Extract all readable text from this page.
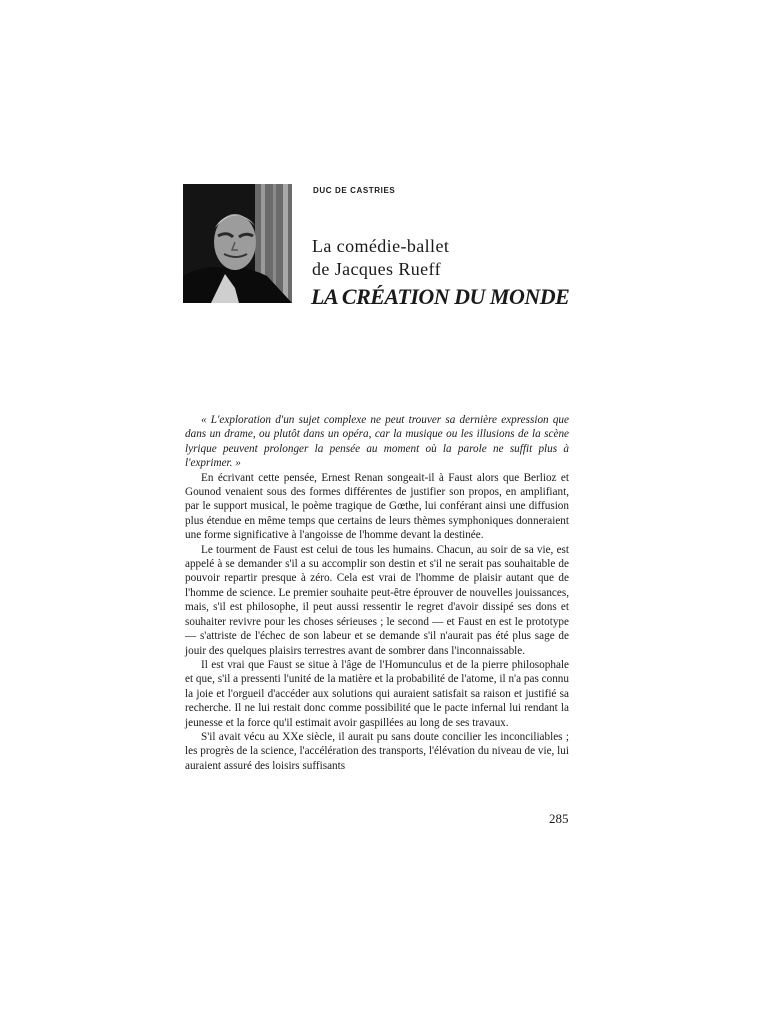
DUC DE CASTRIES
La comédie-ballet
de Jacques Rueff
LA CRÉATION DU MONDE

« L'exploration d'un sujet complexe ne peut trouver sa dernière expression que dans un drame, ou plutôt dans un opéra, car la musique ou les illusions de la scène lyrique peuvent prolonger la pensée au moment où la parole ne suffit plus à l'exprimer. »

En écrivant cette pensée, Ernest Renan songeait-il à Faust alors que Berlioz et Gounod venaient sous des formes différentes de justifier son propos, en amplifiant, par le support musical, le poème tragique de Gœthe, lui conférant ainsi une diffusion plus étendue en même temps que certains de leurs thèmes symphoniques donneraient une forme significative à l'angoisse de l'homme devant la destinée.

Le tourment de Faust est celui de tous les humains. Chacun, au soir de sa vie, est appelé à se demander s'il a su accomplir son destin et s'il ne serait pas souhaitable de pouvoir repartir presque à zéro. Cela est vrai de l'homme de plaisir autant que de l'homme de science. Le premier souhaite peut-être éprouver de nouvelles jouissances, mais, s'il est philosophe, il peut aussi ressentir le regret d'avoir dissipé ses dons et souhaiter revivre pour les choses sérieuses ; le second — et Faust en est le prototype — s'attriste de l'échec de son labeur et se demande s'il n'aurait pas été plus sage de jouir des quelques plaisirs terrestres avant de sombrer dans l'inconnaissable.

Il est vrai que Faust se situe à l'âge de l'Homunculus et de la pierre philosophale et que, s'il a pressenti l'unité de la matière et la probabilité de l'atome, il n'a pas connu la joie et l'orgueil d'accéder aux solutions qui auraient satisfait sa raison et justifié sa recherche. Il ne lui restait donc comme possibilité que le pacte infernal lui rendant la jeunesse et la force qu'il estimait avoir gaspillées au long de ses travaux.

S'il avait vécu au XXe siècle, il aurait pu sans doute concilier les inconciliables ; les progrès de la science, l'accélération des transports, l'élévation du niveau de vie, lui auraient assuré des loisirs suffisants

285
